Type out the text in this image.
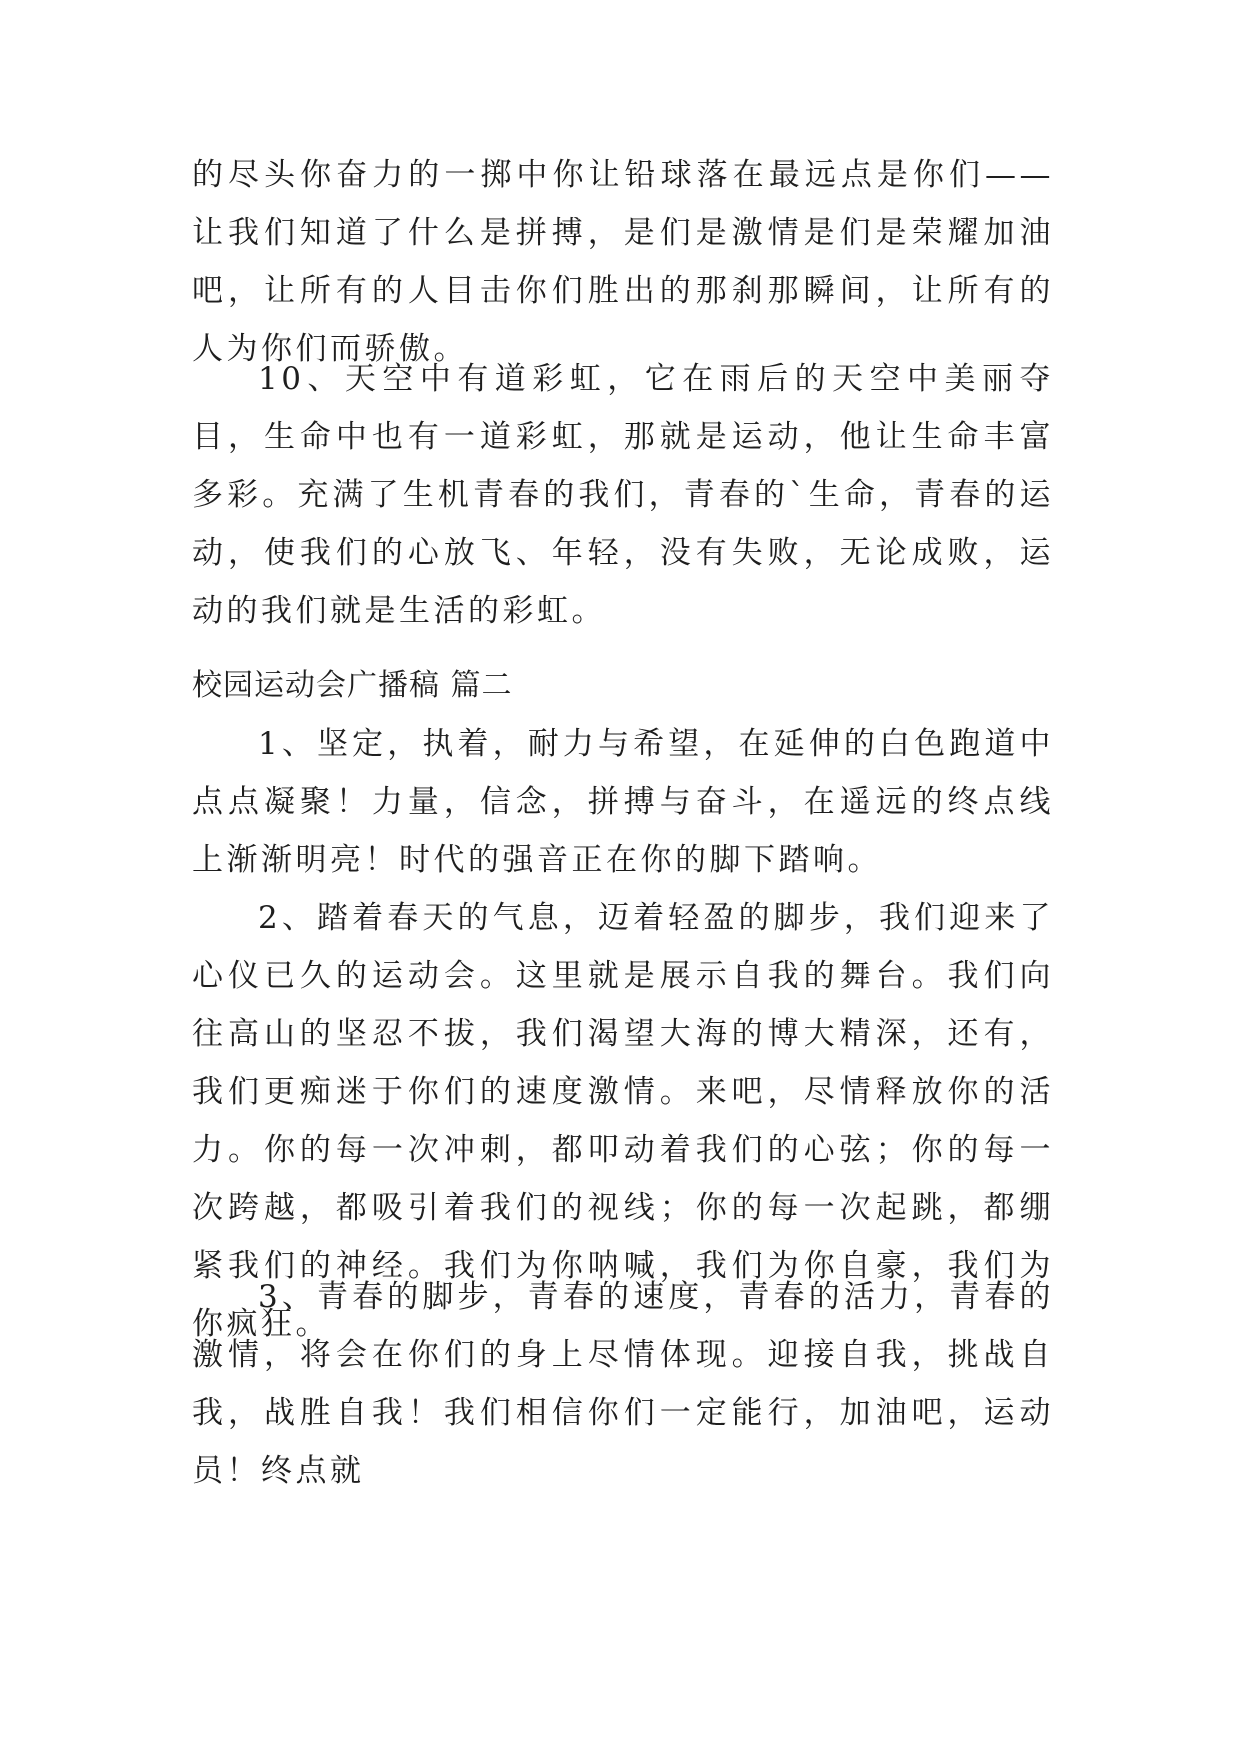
的尽头你奋力的一掷中你让铅球落在最远点是你们——让我们知道了什么是拼搏，是们是激情是们是荣耀加油吧，让所有的人目击你们胜出的那刹那瞬间，让所有的人为你们而骄傲。

10、天空中有道彩虹，它在雨后的天空中美丽夺目，生命中也有一道彩虹，那就是运动，他让生命丰富多彩。充满了生机青春的我们，青春的`生命，青春的运动，使我们的心放飞、年轻，没有失败，无论成败，运动的我们就是生活的彩虹。

校园运动会广播稿 篇二

1、坚定，执着，耐力与希望，在延伸的白色跑道中点点凝聚！力量，信念，拼搏与奋斗，在遥远的终点线上渐渐明亮！时代的强音正在你的脚下踏响。

2、踏着春天的气息，迈着轻盈的脚步，我们迎来了心仪已久的运动会。这里就是展示自我的舞台。我们向往高山的坚忍不拔，我们渴望大海的博大精深，还有，我们更痴迷于你们的速度激情。来吧，尽情释放你的活力。你的每一次冲刺，都叩动着我们的心弦；你的每一次跨越，都吸引着我们的视线；你的每一次起跳，都绷紧我们的神经。我们为你呐喊，我们为你自豪，我们为你疯狂。

3、青春的脚步，青春的速度，青春的活力，青春的激情，将会在你们的身上尽情体现。迎接自我，挑战自我，战胜自我！我们相信你们一定能行，加油吧，运动员！终点就
